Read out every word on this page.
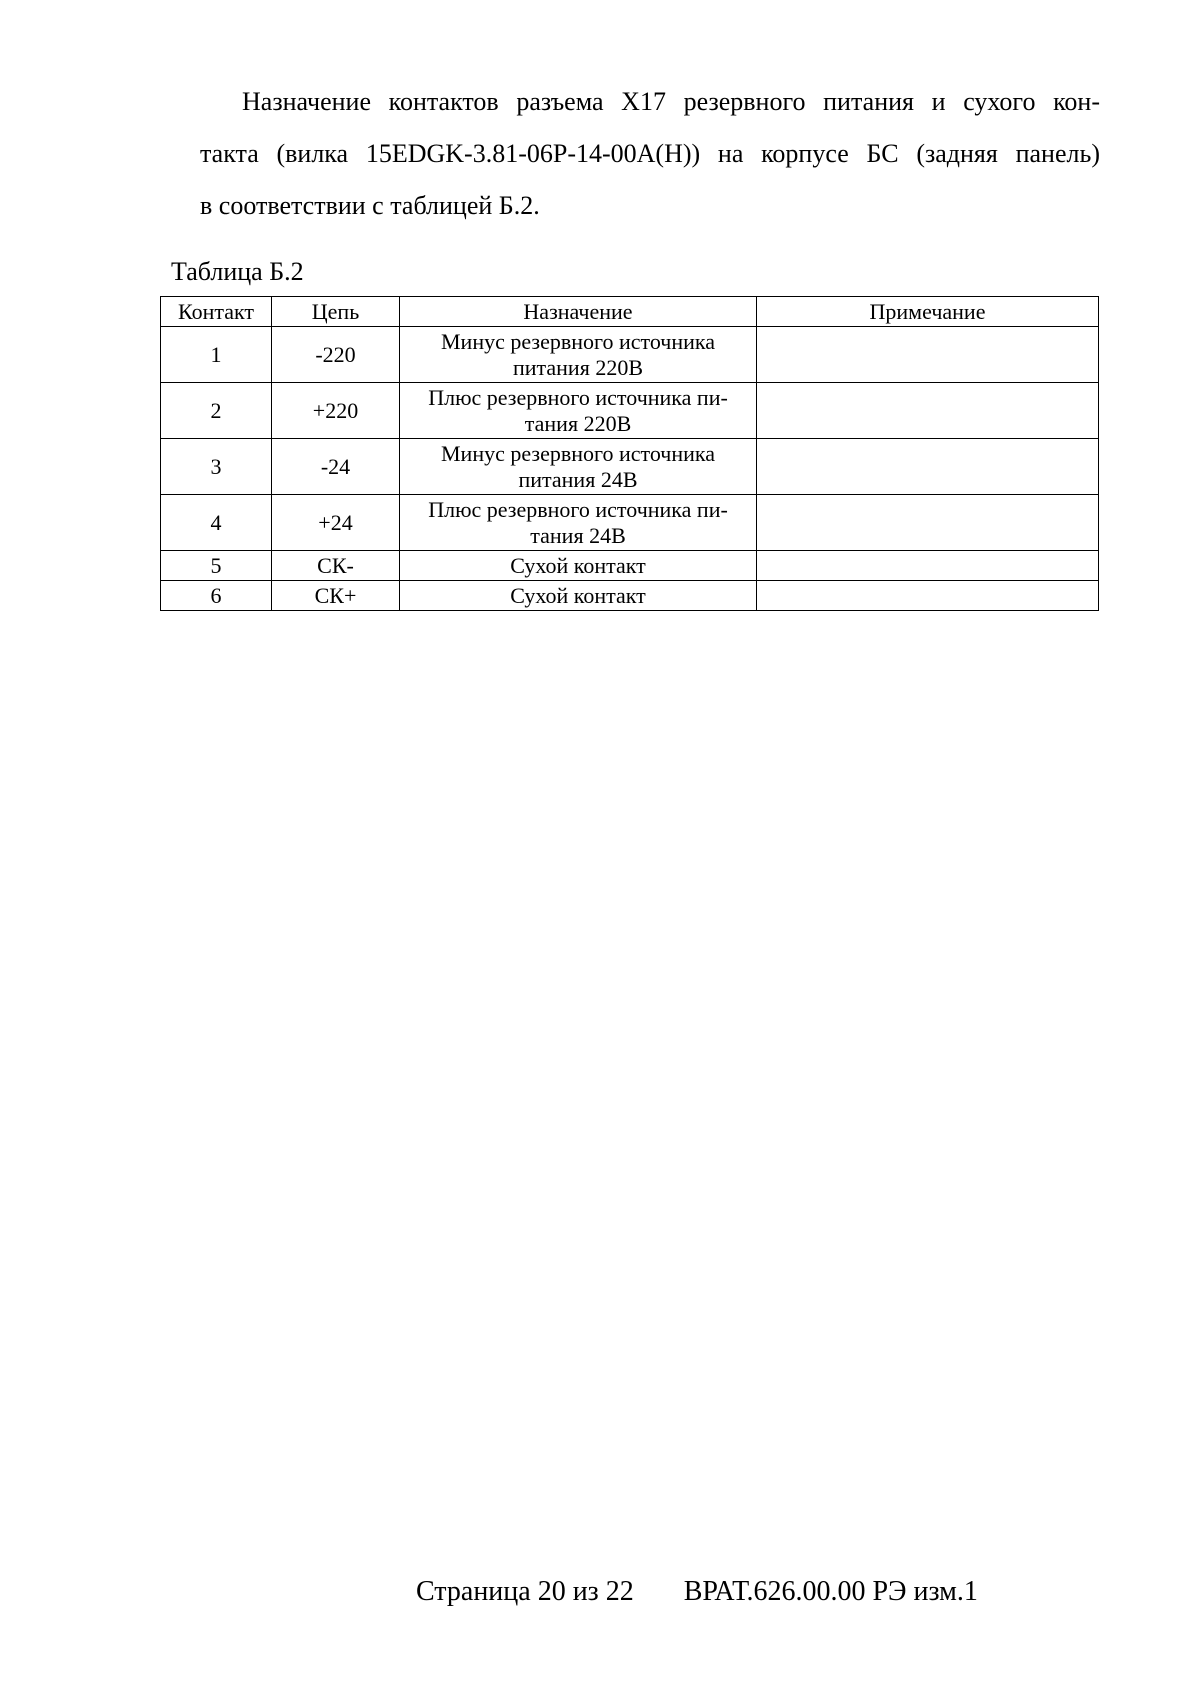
Назначение контактов разъема X17 резервного питания и сухого кон-
такта (вилка 15EDGK-3.81-06P-14-00A(H)) на корпусе БС (задняя панель)
в соответствии с таблицей Б.2.
Таблица Б.2
Контакт	Цепь	Назначение	Примечание
1	-220	Минус резервного источника
питания 220В	
2	+220	Плюс резервного источника пи-
тания 220В	
3	-24	Минус резервного источника
питания 24В	
4	+24	Плюс резервного источника пи-
тания 24В	
5	СК-	Сухой контакт	
6	СК+	Сухой контакт	
Страница 20 из 22 ВРАТ.626.00.00 РЭ изм.1
